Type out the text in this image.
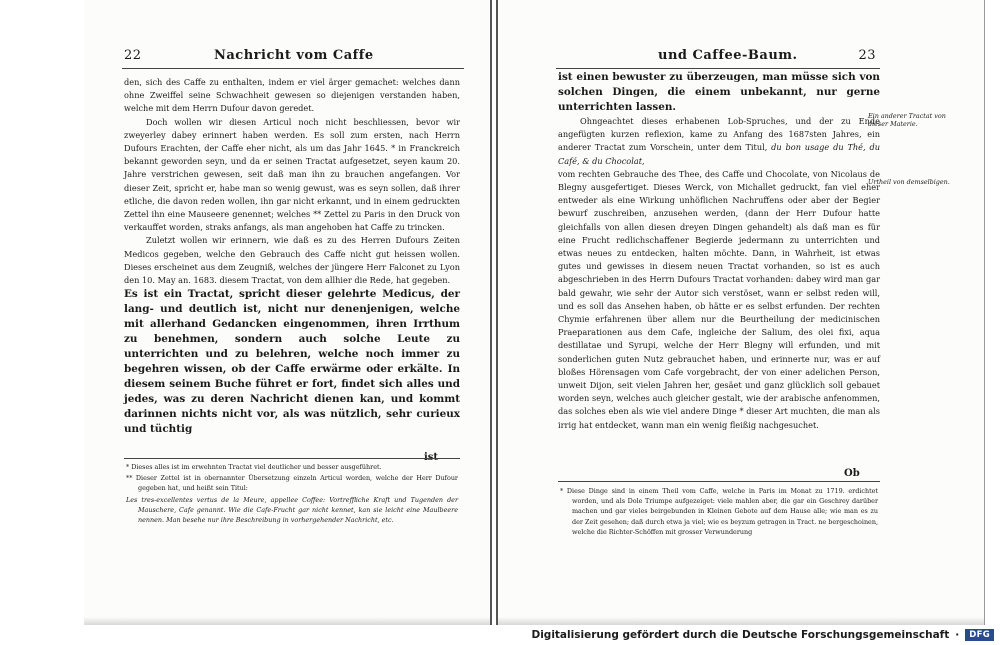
22	Nachricht vom Caffe

den, sich des Caffe zu enthalten, indem er viel ärger gemachet: welches dann ohne Zweiffel seine Schwachheit gewesen so diejenigen verstanden haben, welche mit dem Herrn Dufour davon geredet.

Doch wollen wir diesen Articul noch nicht beschliessen, bevor wir zweyerley dabey erinnert haben werden. Es soll zum ersten, nach Herrn Dufours Erachten, der Caffe eher nicht, als um das Jahr 1645. * in Franckreich bekannt geworden seyn, und da er seinen Tractat aufgesetzet, seyen kaum 20. Jahre verstrichen gewesen, seit daß man ihn zu brauchen angefangen. Vor dieser Zeit, spricht er, habe man so wenig gewust, was es seyn sollen, daß ihrer etliche, die davon reden wollen, ihn gar nicht erkannt, und in einem gedruckten Zettel ihn eine Mauseere genennet; welches ** Zettel zu Paris in den Druck von verkauffet worden, straks anfangs, als man angehoben hat Caffe zu trincken.

Zuletzt wollen wir erinnern, wie daß es zu des Herren Dufours Zeiten Medicos gegeben, welche den Gebrauch des Caffe nicht gut heissen wollen. Dieses erscheinet aus dem Zeugniß, welches der jüngere Herr Falconet zu Lyon den 10. May an. 1683. diesem Tractat, von dem allhier die Rede, hat gegeben.

Es ist ein Tractat, spricht dieser gelehrte Medicus, der lang- und deutlich ist, nicht nur denenjenigen, welche mit allerhand Gedancken eingenommen, ihren Irrthum zu benehmen, sondern auch solche Leute zu unterrichten und zu belehren, welche noch immer zu begehren wissen, ob der Caffe erwärme oder erkälte. In diesem seinem Buche führet er fort, findet sich alles und jedes, was zu deren Nachricht dienen kan, und kommt darinnen nichts nicht vor, als was nützlich, sehr curieux und tüchtig

* Dieses alles ist im erwehnten Tractat viel deutlicher und besser ausgeführet.

** Dieser Zettel ist in obernannter Übersetzung einzeln Articul worden, welche der Herr Dufour gegeben hat, und heißt sein Titul:

Les tres-excellentes vertus de la Meure, appellee Coffee: Vortreffliche Kraft und Tugenden der Mauschere, Cafe genannt. Wie die Cafe-Frucht gar nicht kennet, kan sie leicht eine Maulbeere nennen. Man besehe nur ihre Beschreibung in vorhergehender Nachricht, etc.

und Caffee-Baum.	23

ist einen bewuster zu überzeugen, man müsse sich von solchen Dingen, die einem unbekannt, nur gerne unterrichten lassen.

Ohngeachtet dieses erhabenen Lob-Spruches, und der zu Ende angefügten kurzen reflexion, kame zu Anfang des 1687sten Jahres, ein anderer Tractat zum Vorschein, unter dem Titul, du bon usage du Thé, du Café, & du Chocolat,

vom rechten Gebrauche des Thee, des Caffe und Chocolate, von Nicolaus de Blegny ausgefertiget. Dieses Werck, von Michallet gedruckt, fan viel eher entweder als eine Wirkung unhöflichen Nachruffens oder aber der Begier bewurf zuschreiben, anzusehen werden, (dann der Herr Dufour hatte gleichfalls von allen diesen dreyen Dingen gehandelt) als daß man es für eine Frucht redlichschaffener Begierde jedermann zu unterrichten und etwas neues zu entdecken, halten möchte. Dann, in Wahrheit, ist etwas gutes und gewisses in diesem neuen Tractat vorhanden, so ist es auch abgeschrieben in des Herrn Dufours Tractat vorhanden: dabey wird man gar bald gewahr, wie sehr der Autor sich verstöset, wann er selbst reden will, und es soll das Ansehen haben, ob hätte er es selbst erfunden. Der rechten Chymie erfahrenen über allem nur die Beurtheilung der medicinischen Praeparationen aus dem Cafe, ingleiche der Salium, des olei fixi, aqua destillatae und Syrupi, welche der Herr Blegny will erfunden, und mit sonderlichen guten Nutz gebrauchet haben, und erinnerte nur, was er auf bloßes Hörensagen vom Cafe vorgebracht, der von einer adelichen Person, unweit Dijon, seit vielen Jahren her, gesäet und ganz glücklich soll gebauet worden seyn, welches auch gleicher gestalt, wie der arabische anfenommen, das solches eben als wie viel andere Dinge * dieser Art muchten, die man als irrig hat entdecket, wann man ein wenig fleißig nachgesuchet.

Ob
Ein anderer Tractat von dieser Materie.
Urtheil von demselbigen.

* Diese Dinge sind in einem Theil vom Caffe, welche in Paris im Monat zu 1719. erdichtet worden, und als Dole Triumpe aufgezeiget: viele mahlen aber, die gar ein Geschrey darüber machen und gar vieles beirgebunden in Kleinen Gebote auf dem Hause alle; wie man es zu der Zeit gesehen; daß durch etwa ja viel; wie es beyzum getragen in Tract. ne bergeschoinen, welche die Richter-Schöffen mit grosser Verwunderung

Digitalisierung gefördert durch die Deutsche Forschungsgemeinschaft ·	DFG
